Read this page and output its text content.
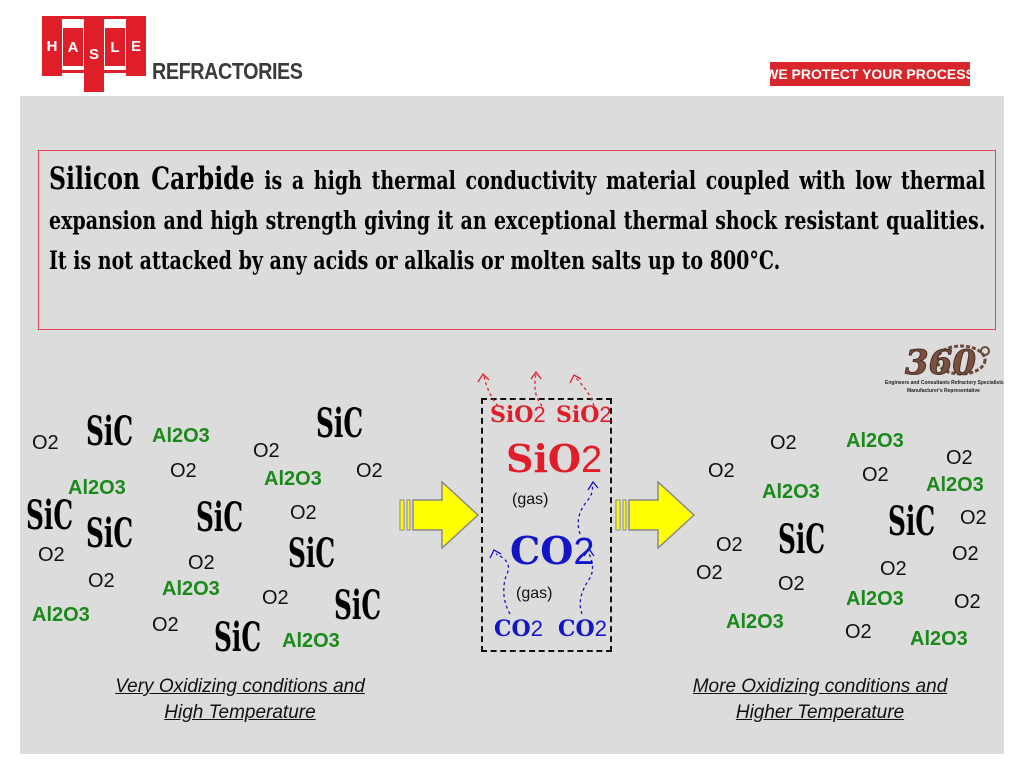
H A S L E
REFRACTORIES	WE PROTECT YOUR PROCESS

Silicon Carbide is a high thermal conductivity material coupled with low thermal expansion and high strength giving it an exceptional thermal shock resistant qualities. It is not attacked by any acids or alkalis or molten salts up to 800°C.

360
Engineers and Consultants Refractory Specialists
Manufacturer's Representative
SiC	SiC
SiC SiC SiC
SiC
SiC
SiC
O2
O2
O2
O2
O2
O2	O2
O2
O2
O2
Al2O3
Al2O3
Al2O3
Al2O3
Al2O3
Al2O3
SiO2 SiO2
SiO2
(gas)
CO2
(gas)
CO2 CO2
SiC SiC
O2
O2	O2
O2
O2
O2	O2
O2	O2
O2
O2
O2
Al2O3
Al2O3
Al2O3
Al2O3
Al2O3
Al2O3
Very Oxidizing conditions and
High Temperature
More Oxidizing conditions and
Higher Temperature
